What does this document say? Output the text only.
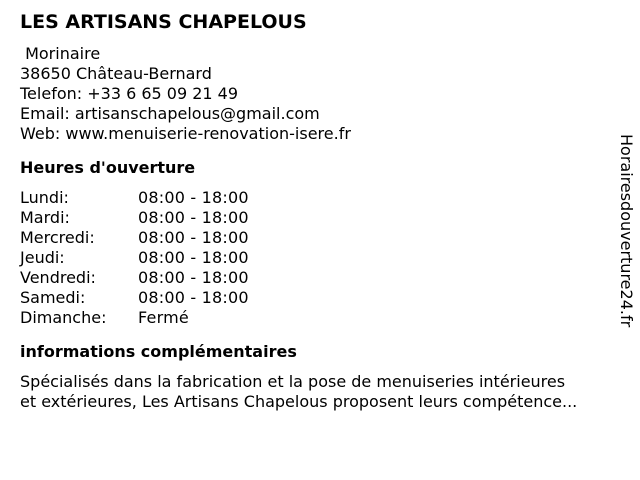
LES ARTISANS CHAPELOUS
Morinaire
38650 Château-Bernard
Telefon: +33 6 65 09 21 49
Email: artisanschapelous@gmail.com
Web: www.menuiserie-renovation-isere.fr
Heures d'ouverture
Lundi:	08:00 - 18:00
Mardi:	08:00 - 18:00
Mercredi:	08:00 - 18:00
Jeudi:	08:00 - 18:00
Vendredi:	08:00 - 18:00
Samedi:	08:00 - 18:00
Dimanche:	Fermé
informations complémentaires
Spécialisés dans la fabrication et la pose de menuiseries intérieures
et extérieures, Les Artisans Chapelous proposent leurs compétence...
Horairesdouverture24.fr
